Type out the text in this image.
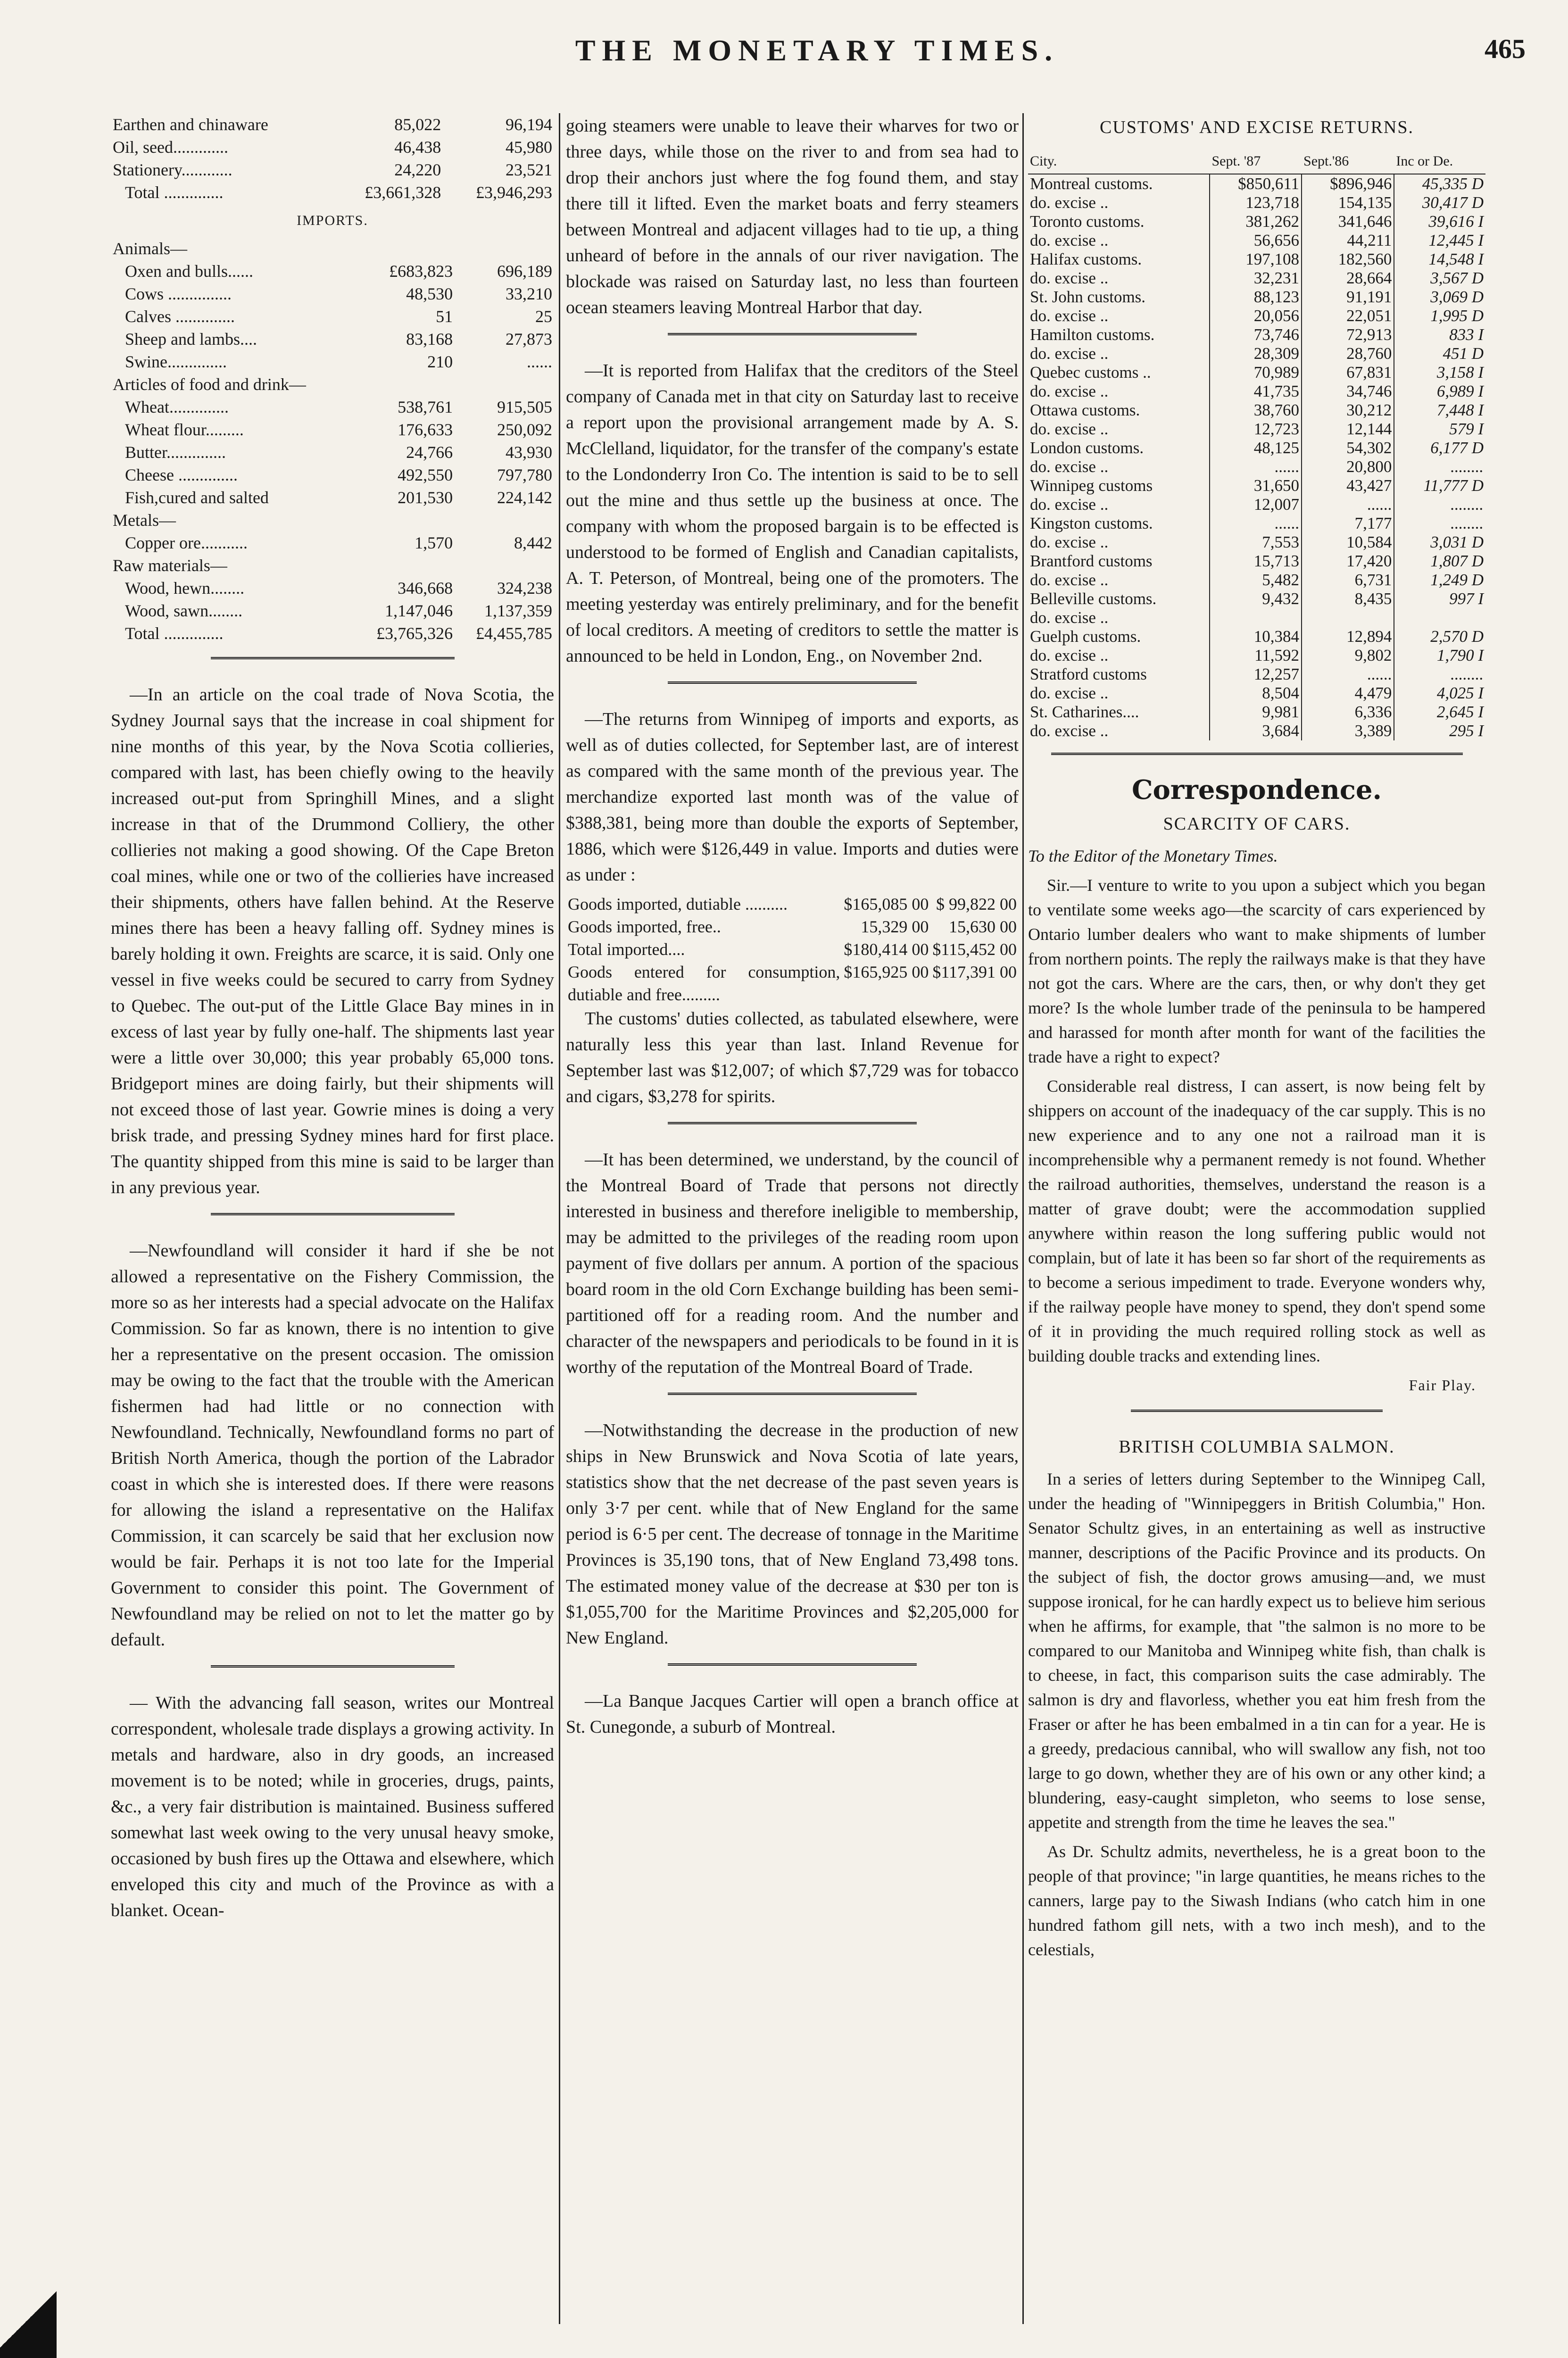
THE MONETARY TIMES.	465
Earthen and chinaware	85,022	96,194
Oil, seed.............	46,438	45,980
Stationery............	24,220	23,521
Total ..............	£3,661,328	£3,946,293
IMPORTS.
Animals—		
Oxen and bulls......	£683,823	696,189
Cows ...............	48,530	33,210
Calves ..............	51	25
Sheep and lambs....	83,168	27,873
Swine..............	210	......
Articles of food and drink—		
Wheat..............	538,761	915,505
Wheat flour.........	176,633	250,092
Butter..............	24,766	43,930
Cheese ..............	492,550	797,780
Fish,cured and salted	201,530	224,142
Metals—		
Copper ore...........	1,570	8,442
Raw materials—		
Wood, hewn........	346,668	324,238
Wood, sawn........	1,147,046	1,137,359
Total ..............	£3,765,326	£4,455,785

—In an article on the coal trade of Nova Scotia, the Sydney Journal says that the increase in coal shipment for nine months of this year, by the Nova Scotia collieries, compared with last, has been chiefly owing to the heavily increased out-put from Springhill Mines, and a slight increase in that of the Drummond Colliery, the other collieries not making a good showing. Of the Cape Breton coal mines, while one or two of the collieries have increased their shipments, others have fallen behind. At the Reserve mines there has been a heavy falling off. Sydney mines is barely holding it own. Freights are scarce, it is said. Only one vessel in five weeks could be secured to carry from Sydney to Quebec. The out-put of the Little Glace Bay mines in in excess of last year by fully one-half. The shipments last year were a little over 30,000; this year probably 65,000 tons. Bridgeport mines are doing fairly, but their shipments will not exceed those of last year. Gowrie mines is doing a very brisk trade, and pressing Sydney mines hard for first place. The quantity shipped from this mine is said to be larger than in any previous year.

—Newfoundland will consider it hard if she be not allowed a representative on the Fishery Commission, the more so as her interests had a special advocate on the Halifax Commission. So far as known, there is no intention to give her a representative on the present occasion. The omission may be owing to the fact that the trouble with the American fishermen had had little or no connection with Newfoundland. Technically, Newfoundland forms no part of British North America, though the portion of the Labrador coast in which she is interested does. If there were reasons for allowing the island a representative on the Halifax Commission, it can scarcely be said that her exclusion now would be fair. Perhaps it is not too late for the Imperial Government to consider this point. The Government of Newfoundland may be relied on not to let the matter go by default.

— With the advancing fall season, writes our Montreal correspondent, wholesale trade displays a growing activity. In metals and hardware, also in dry goods, an increased movement is to be noted; while in groceries, drugs, paints, &c., a very fair distribution is maintained. Business suffered somewhat last week owing to the very unusal heavy smoke, occasioned by bush fires up the Ottawa and elsewhere, which enveloped this city and much of the Province as with a blanket. Ocean-

going steamers were unable to leave their wharves for two or three days, while those on the river to and from sea had to drop their anchors just where the fog found them, and stay there till it lifted. Even the market boats and ferry steamers between Montreal and adjacent villages had to tie up, a thing unheard of before in the annals of our river navigation. The blockade was raised on Saturday last, no less than fourteen ocean steamers leaving Montreal Harbor that day.

—It is reported from Halifax that the creditors of the Steel company of Canada met in that city on Saturday last to receive a report upon the provisional arrangement made by A. S. McClelland, liquidator, for the transfer of the company's estate to the Londonderry Iron Co. The intention is said to be to sell out the mine and thus settle up the business at once. The company with whom the proposed bargain is to be effected is understood to be formed of English and Canadian capitalists, A. T. Peterson, of Montreal, being one of the promoters. The meeting yesterday was entirely preliminary, and for the benefit of local creditors. A meeting of creditors to settle the matter is announced to be held in London, Eng., on November 2nd.

—The returns from Winnipeg of imports and exports, as well as of duties collected, for September last, are of interest as compared with the same month of the previous year. The merchandize exported last month was of the value of $388,381, being more than double the exports of September, 1886, which were $126,449 in value. Imports and duties were as under :

Goods imported, dutiable ..........	$165,085 00	$ 99,822 00
Goods imported, free..	15,329 00	15,630 00
Total imported....	$180,414 00	$115,452 00
Goods entered for consumption, dutiable and free.........	$165,925 00	$117,391 00

The customs' duties collected, as tabulated elsewhere, were naturally less this year than last. Inland Revenue for September last was $12,007; of which $7,729 was for tobacco and cigars, $3,278 for spirits.

—It has been determined, we understand, by the council of the Montreal Board of Trade that persons not directly interested in business and therefore ineligible to membership, may be admitted to the privileges of the reading room upon payment of five dollars per annum. A portion of the spacious board room in the old Corn Exchange building has been semi-partitioned off for a reading room. And the number and character of the newspapers and periodicals to be found in it is worthy of the reputation of the Montreal Board of Trade.

—Notwithstanding the decrease in the production of new ships in New Brunswick and Nova Scotia of late years, statistics show that the net decrease of the past seven years is only 3·7 per cent. while that of New England for the same period is 6·5 per cent. The decrease of tonnage in the Maritime Provinces is 35,190 tons, that of New England 73,498 tons. The estimated money value of the decrease at $30 per ton is $1,055,700 for the Maritime Provinces and $2,205,000 for New England.

—La Banque Jacques Cartier will open a branch office at St. Cunegonde, a suburb of Montreal.

CUSTOMS' AND EXCISE RETURNS.
City.	Sept. '87	Sept.'86	Inc or De.
Montreal customs.	$850,611	$896,946	45,335 D
do. excise ..	123,718	154,135	30,417 D
Toronto customs.	381,262	341,646	39,616 I
do. excise ..	56,656	44,211	12,445 I
Halifax customs.	197,108	182,560	14,548 I
do. excise ..	32,231	28,664	3,567 D
St. John customs.	88,123	91,191	3,069 D
do. excise ..	20,056	22,051	1,995 D
Hamilton customs.	73,746	72,913	833 I
do. excise ..	28,309	28,760	451 D
Quebec customs ..	70,989	67,831	3,158 I
do. excise ..	41,735	34,746	6,989 I
Ottawa customs.	38,760	30,212	7,448 I
do. excise ..	12,723	12,144	579 I
London customs.	48,125	54,302	6,177 D
do. excise ..	......	20,800	........
Winnipeg customs	31,650	43,427	11,777 D
do. excise ..	12,007	......	........
Kingston customs.	......	7,177	........
do. excise ..	7,553	10,584	3,031 D
Brantford customs	15,713	17,420	1,807 D
do. excise ..	5,482	6,731	1,249 D
Belleville customs.	9,432	8,435	997 I
do. excise ..			
Guelph customs.	10,384	12,894	2,570 D
do. excise ..	11,592	9,802	1,790 I
Stratford customs	12,257	......	........
do. excise ..	8,504	4,479	4,025 I
St. Catharines....	9,981	6,336	2,645 I
do. excise ..	3,684	3,389	295 I
Correspondence.
SCARCITY OF CARS.

To the Editor of the Monetary Times.

Sir.—I venture to write to you upon a subject which you began to ventilate some weeks ago—the scarcity of cars experienced by Ontario lumber dealers who want to make shipments of lumber from northern points. The reply the railways make is that they have not got the cars. Where are the cars, then, or why don't they get more? Is the whole lumber trade of the peninsula to be hampered and harassed for month after month for want of the facilities the trade have a right to expect?

Considerable real distress, I can assert, is now being felt by shippers on account of the inadequacy of the car supply. This is no new experience and to any one not a railroad man it is incomprehensible why a permanent remedy is not found. Whether the railroad authorities, themselves, understand the reason is a matter of grave doubt; were the accommodation supplied anywhere within reason the long suffering public would not complain, but of late it has been so far short of the requirements as to become a serious impediment to trade. Everyone wonders why, if the railway people have money to spend, they don't spend some of it in providing the much required rolling stock as well as building double tracks and extending lines.

Fair Play.
BRITISH COLUMBIA SALMON.

In a series of letters during September to the Winnipeg Call, under the heading of "Winnipeggers in British Columbia," Hon. Senator Schultz gives, in an entertaining as well as instructive manner, descriptions of the Pacific Province and its products. On the subject of fish, the doctor grows amusing—and, we must suppose ironical, for he can hardly expect us to believe him serious when he affirms, for example, that "the salmon is no more to be compared to our Manitoba and Winnipeg white fish, than chalk is to cheese, in fact, this comparison suits the case admirably. The salmon is dry and flavorless, whether you eat him fresh from the Fraser or after he has been embalmed in a tin can for a year. He is a greedy, predacious cannibal, who will swallow any fish, not too large to go down, whether they are of his own or any other kind; a blundering, easy-caught simpleton, who seems to lose sense, appetite and strength from the time he leaves the sea."

As Dr. Schultz admits, nevertheless, he is a great boon to the people of that province; "in large quantities, he means riches to the canners, large pay to the Siwash Indians (who catch him in one hundred fathom gill nets, with a two inch mesh), and to the celestials,
